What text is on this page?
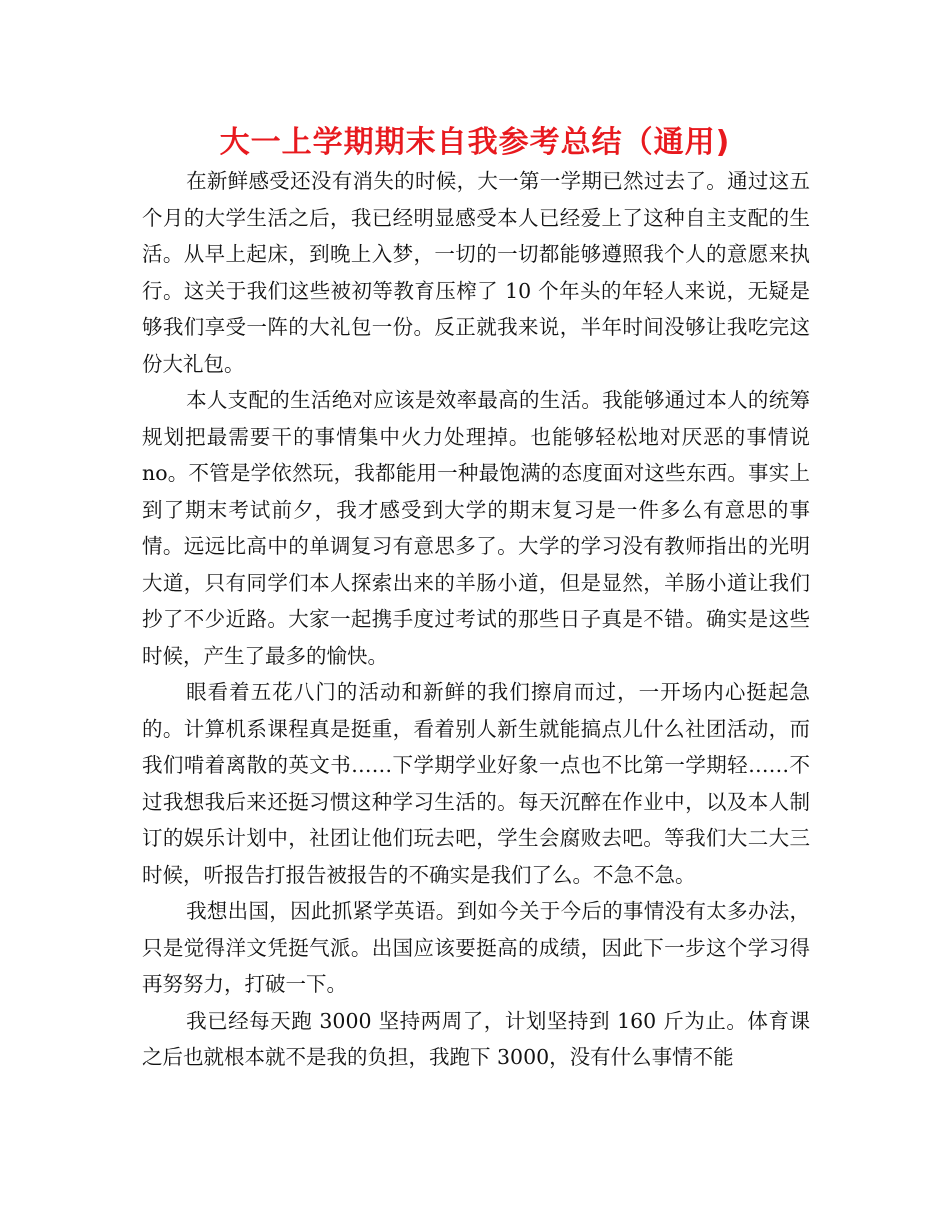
大一上学期期末自我参考总结（通用)

在新鲜感受还没有消失的时候，大一第一学期已然过去了。通过这五个月的大学生活之后，我已经明显感受本人已经爱上了这种自主支配的生活。从早上起床，到晚上入梦，一切的一切都能够遵照我个人的意愿来执行。这关于我们这些被初等教育压榨了 10 个年头的年轻人来说，无疑是够我们享受一阵的大礼包一份。反正就我来说，半年时间没够让我吃完这份大礼包。

本人支配的生活绝对应该是效率最高的生活。我能够通过本人的统筹规划把最需要干的事情集中火力处理掉。也能够轻松地对厌恶的事情说 no。不管是学依然玩，我都能用一种最饱满的态度面对这些东西。事实上到了期末考试前夕，我才感受到大学的期末复习是一件多么有意思的事情。远远比高中的单调复习有意思多了。大学的学习没有教师指出的光明大道，只有同学们本人探索出来的羊肠小道，但是显然，羊肠小道让我们抄了不少近路。大家一起携手度过考试的那些日子真是不错。确实是这些时候，产生了最多的愉快。

眼看着五花八门的活动和新鲜的我们擦肩而过，一开场内心挺起急的。计算机系课程真是挺重，看着别人新生就能搞点儿什么社团活动，而我们啃着离散的英文书……下学期学业好象一点也不比第一学期轻……不过我想我后来还挺习惯这种学习生活的。每天沉醉在作业中，以及本人制订的娱乐计划中，社团让他们玩去吧，学生会腐败去吧。等我们大二大三时候，听报告打报告被报告的不确实是我们了么。不急不急。

我想出国，因此抓紧学英语。到如今关于今后的事情没有太多办法，只是觉得洋文凭挺气派。出国应该要挺高的成绩，因此下一步这个学习得再努努力，打破一下。

我已经每天跑 3000 坚持两周了，计划坚持到 160 斤为止。体育课之后也就根本就不是我的负担，我跑下 3000，没有什么事情不能
